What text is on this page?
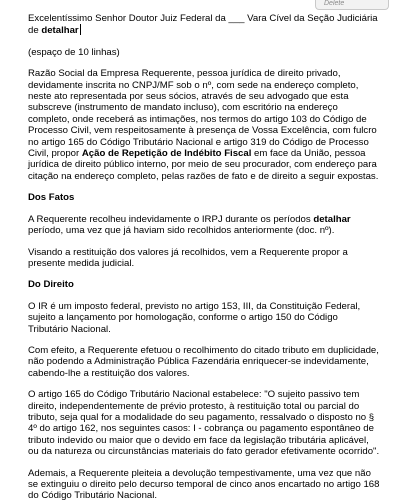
Delete

Excelentíssimo Senhor Doutor Juiz Federal da ___ Vara Cível da Seção Judiciária de detalhar

(espaço de 10 linhas)

Razão Social da Empresa Requerente, pessoa jurídica de direito privado, devidamente inscrita no CNPJ/MF sob o nº, com sede na endereço completo, neste ato representada por seus sócios, através de seu advogado que esta subscreve (instrumento de mandato incluso), com escritório na endereço completo, onde receberá as intimações, nos termos do artigo 103 do Código de Processo Civil, vem respeitosamente à presença de Vossa Excelência, com fulcro no artigo 165 do Código Tributário Nacional e artigo 319 do Código de Processo Civil, propor Ação de Repetição de Indébito Fiscal em face da União, pessoa jurídica de direito público interno, por meio de seu procurador, com endereço para citação na endereço completo, pelas razões de fato e de direito a seguir expostas.

Dos Fatos

A Requerente recolheu indevidamente o IRPJ durante os períodos detalhar período, uma vez que já haviam sido recolhidos anteriormente (doc. nº).

Visando a restituição dos valores já recolhidos, vem a Requerente propor a presente medida judicial.

Do Direito

O IR é um imposto federal, previsto no artigo 153, III, da Constituição Federal, sujeito a lançamento por homologação, conforme o artigo 150 do Código Tributário Nacional.

Com efeito, a Requerente efetuou o recolhimento do citado tributo em duplicidade, não podendo a Administração Pública Fazendária enriquecer-se indevidamente, cabendo-lhe a restituição dos valores.

O artigo 165 do Código Tributário Nacional estabelece: "O sujeito passivo tem direito, independentemente de prévio protesto, à restituição total ou parcial do tributo, seja qual for a modalidade do seu pagamento, ressalvado o disposto no § 4º do artigo 162, nos seguintes casos: I - cobrança ou pagamento espontâneo de tributo indevido ou maior que o devido em face da legislação tributária aplicável, ou da natureza ou circunstâncias materiais do fato gerador efetivamente ocorrido".

Ademais, a Requerente pleiteia a devolução tempestivamente, uma vez que não se extinguiu o direito pelo decurso temporal de cinco anos encartado no artigo 168 do Código Tributário Nacional.
